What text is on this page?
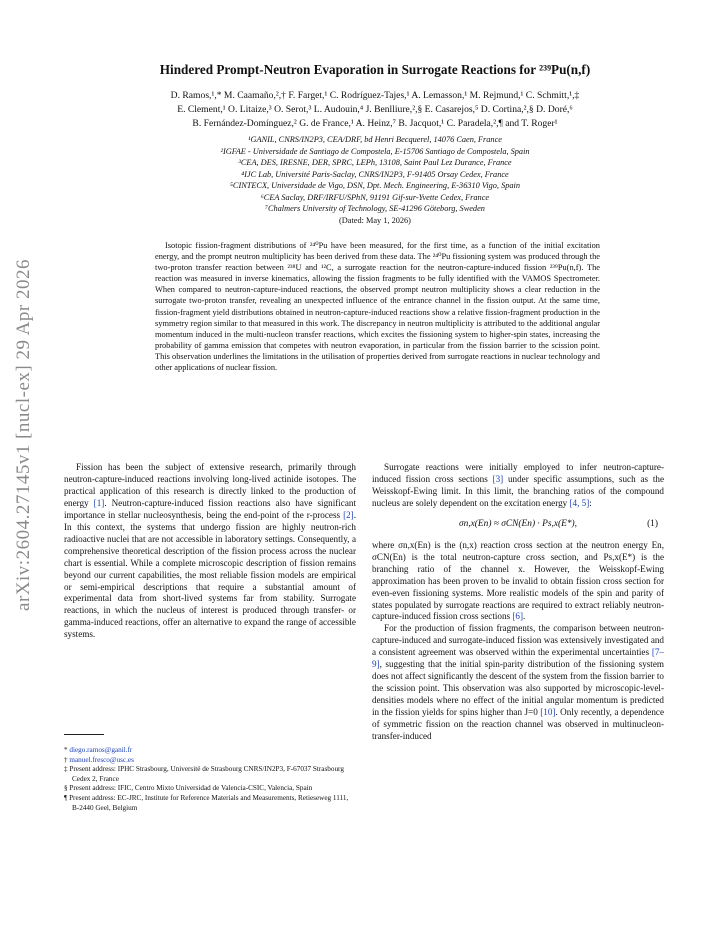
arXiv:2604.27145v1 [nucl-ex] 29 Apr 2026
Hindered Prompt-Neutron Evaporation in Surrogate Reactions for ²³⁹Pu(n,f)
D. Ramos,¹,* M. Caamaño,²,† F. Farget,¹ C. Rodríguez-Tajes,¹ A. Lemasson,¹ M. Rejmund,¹ C. Schmitt,¹,‡
E. Clement,¹ O. Litaize,³ O. Serot,³ L. Audouin,⁴ J. Benlliure,²,§ E. Casarejos,⁵ D. Cortina,²,§ D. Doré,⁶
B. Fernández-Domínguez,² G. de France,¹ A. Heinz,⁷ B. Jacquot,¹ C. Paradela,²,¶ and T. Roger¹
¹GANIL, CNRS/IN2P3, CEA/DRF, bd Henri Becquerel, 14076 Caen, France
²IGFAE - Universidade de Santiago de Compostela, E-15706 Santiago de Compostela, Spain
³CEA, DES, IRESNE, DER, SPRC, LEPh, 13108, Saint Paul Lez Durance, France
⁴IJC Lab, Université Paris-Saclay, CNRS/IN2P3, F-91405 Orsay Cedex, France
⁵CINTECX, Universidade de Vigo, DSN, Dpt. Mech. Engineering, E-36310 Vigo, Spain
⁶CEA Saclay, DRF/IRFU/SPhN, 91191 Gif-sur-Yvette Cedex, France
⁷Chalmers University of Technology, SE-41296 Göteborg, Sweden
(Dated: May 1, 2026)
Isotopic fission-fragment distributions of ²⁴⁰Pu have been measured, for the first time, as a function of the initial excitation energy, and the prompt neutron multiplicity has been derived from these data. The ²⁴⁰Pu fissioning system was produced through the two-proton transfer reaction between ²³⁸U and ¹²C, a surrogate reaction for the neutron-capture-induced fission ²³⁹Pu(n,f). The reaction was measured in inverse kinematics, allowing the fission fragments to be fully identified with the VAMOS Spectrometer. When compared to neutron-capture-induced reactions, the observed prompt neutron multiplicity shows a clear reduction in the surrogate two-proton transfer, revealing an unexpected influence of the entrance channel in the fission output. At the same time, fission-fragment yield distributions obtained in neutron-capture-induced reactions show a relative fission-fragment production in the symmetry region similar to that measured in this work. The discrepancy in neutron multiplicity is attributed to the additional angular momentum induced in the multi-nucleon transfer reactions, which excites the fissioning system to higher-spin states, increasing the probability of gamma emission that competes with neutron evaporation, in particular from the fission barrier to the scission point. This observation underlines the limitations in the utilisation of properties derived from surrogate reactions in nuclear technology and other applications of nuclear fission.

Fission has been the subject of extensive research, primarily through neutron-capture-induced reactions involving long-lived actinide isotopes. The practical application of this research is directly linked to the production of energy [1]. Neutron-capture-induced fission reactions also have significant importance in stellar nucleosynthesis, being the end-point of the r-process [2]. In this context, the systems that undergo fission are highly neutron-rich radioactive nuclei that are not accessible in laboratory settings. Consequently, a comprehensive theoretical description of the fission process across the nuclear chart is essential. While a complete microscopic description of fission remains beyond our current capabilities, the most reliable fission models are empirical or semi-empirical descriptions that require a substantial amount of experimental data from short-lived systems far from stability. Surrogate reactions, in which the nucleus of interest is produced through transfer- or gamma-induced reactions, offer an alternative to expand the range of accessible systems.

* diego.ramos@ganil.fr
† manuel.fresco@usc.es
‡ Present address: IPHC Strasbourg, Université de Strasbourg CNRS/IN2P3, F-67037 Strasbourg Cedex 2, France
§ Present address: IFIC, Centro Mixto Universidad de Valencia-CSIC, Valencia, Spain
¶ Present address: EC-JRC, Institute for Reference Materials and Measurements, Retieseweg 1111, B-2440 Geel, Belgium

Surrogate reactions were initially employed to infer neutron-capture-induced fission cross sections [3] under specific assumptions, such as the Weisskopf-Ewing limit. In this limit, the branching ratios of the compound nucleus are solely dependent on the excitation energy [4, 5]:

σn,x(En) ≈ σCN(En) · Ps,x(E*),	(1)

where σn,x(En) is the (n,x) reaction cross section at the neutron energy En, σCN(En) is the total neutron-capture cross section, and Ps,x(E*) is the branching ratio of the channel x. However, the Weisskopf-Ewing approximation has been proven to be invalid to obtain fission cross section for even-even fissioning systems. More realistic models of the spin and parity of states populated by surrogate reactions are required to extract reliably neutron-capture-induced fission cross sections [6].

For the production of fission fragments, the comparison between neutron-capture-induced and surrogate-induced fission was extensively investigated and a consistent agreement was observed within the experimental uncertainties [7–9], suggesting that the initial spin-parity distribution of the fissioning system does not affect significantly the descent of the system from the fission barrier to the scission point. This observation was also supported by microscopic-level-densities models where no effect of the initial angular momentum is predicted in the fission yields for spins higher than J=0 [10]. Only recently, a dependence of symmetric fission on the reaction channel was observed in multinucleon-transfer-induced
